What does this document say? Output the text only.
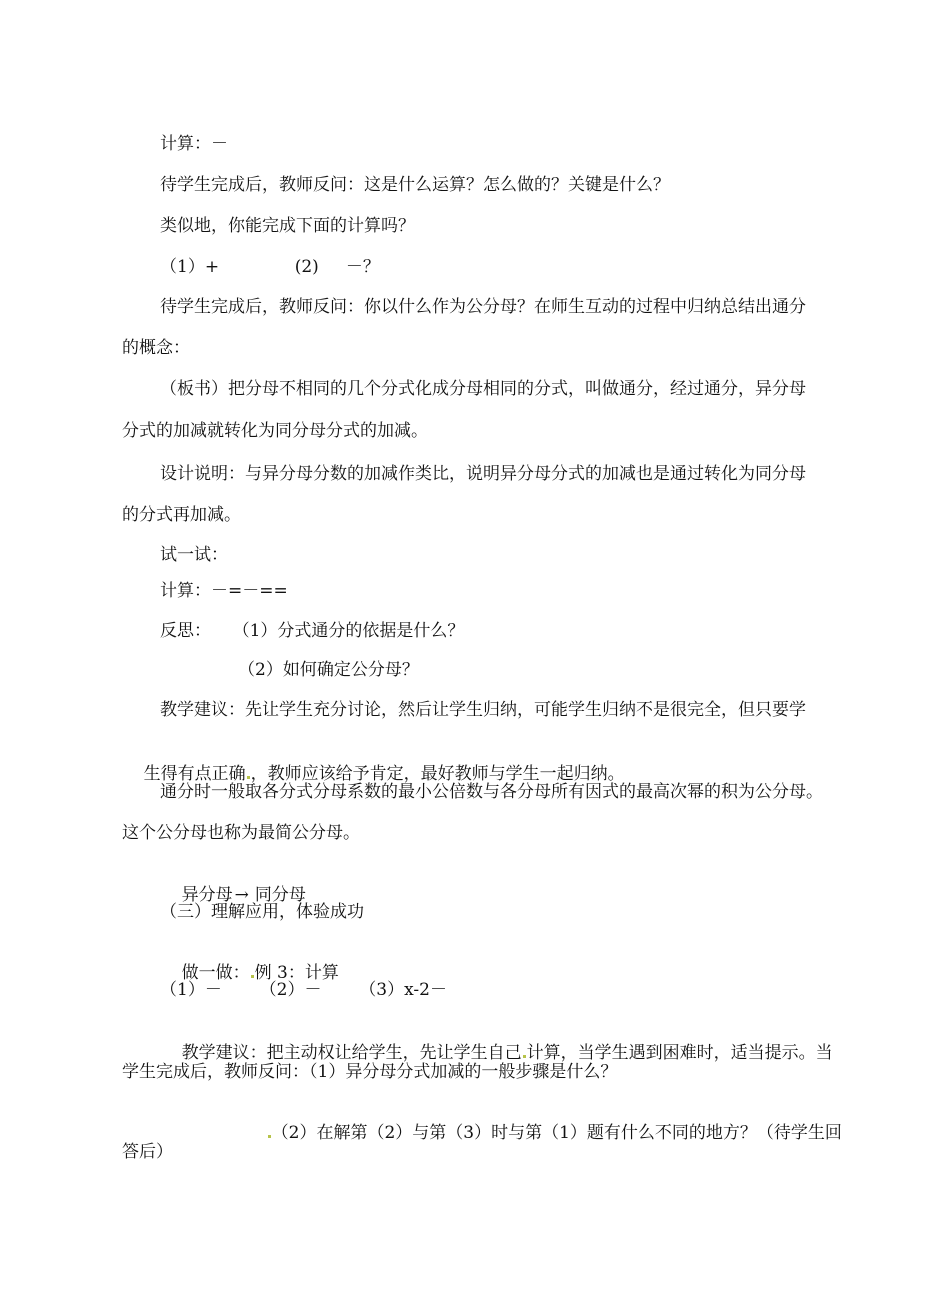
计算：－
待学生完成后，教师反问：这是什么运算？怎么做的？关键是什么？
类似地，你能完成下面的计算吗？
（1）+              (2)     －？
待学生完成后，教师反问：你以什么作为公分母？在师生互动的过程中归纳总结出通分
的概念：
（板书）把分母不相同的几个分式化成分母相同的分式，叫做通分，经过通分，异分母
分式的加减就转化为同分母分式的加减。
设计说明：与异分母分数的加减作类比，说明异分母分式的加减也是通过转化为同分母
的分式再加减。
试一试：
计算：－=－==
反思：    （1）分式通分的依据是什么？
（2）如何确定公分母？
教学建议：先让学生充分讨论，然后让学生归纳，可能学生归纳不是很完全，但只要学

生得有点正确 ，教师应该给予肯定，最好教师与学生一起归纳。

通分时一般取各分式分母系数的最小公倍数与各分母所有因式的最高次幂的积为公分母。
这个公分母也称为最简公分母。

异分母 → 同分母

（三）理解应用，体验成功

做一做： 例 3：计算

（1）－       （2）－       （3）x-2－

教学建议：把主动权让给学生，先让学生自己 计算，当学生遇到困难时，适当提示。当

学生完成后，教师反问：（1）异分母分式加减的一般步骤是什么？

（2）在解第（2）与第（3）时与第（1）题有什么不同的地方？（待学生回

答后）
